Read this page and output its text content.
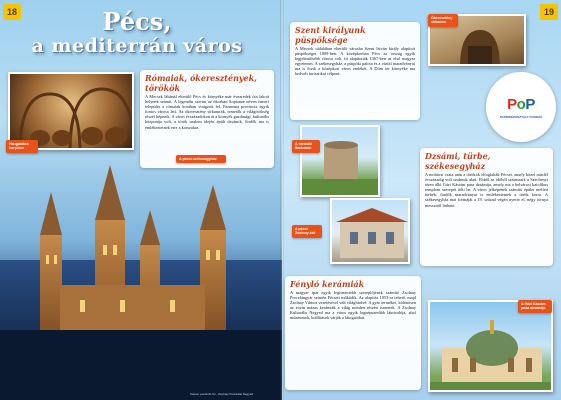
18	19
Pécs,
a mediterrán város
Rómaiak, ókeresztények, törökök

A Mecsek lábánál elterülő Pécs és környéke már évezredek óta lakott helynek számít. A legendás szerint az ókorban Sopianae néven ismert település a rómaiak korában virágzott fel, Pannonia provincia egyik fontos városa lett. Az ókeresztény sírkamrák, temetők a világörökség részét képezik. A város évszázadokon át a környék gazdasági, kulturális központja volt, a török uralom idején épült dzsámik, fürdők ma is emlékeztetnek erre a korszakra.

Hangulatos borpince
A pécsi székesegyház
Szent királyunk püspöksége

A Mecsek oldalában elterülő városba Szent István király alapított püspökséget 1009-ben. A középkorban Pécs az ország egyik legjelentősebb városa volt, itt alapították 1367-ben az első magyar egyetemet. A székesegyház, a püspöki palota és a várfal maradványai ma is őrzik a középkori város emlékét. A Dóm tér környéke ma kedvelt turisztikai célpont.

Ókeresztény sírkamra
PoP
PAPÍRKÉPOSZTÁLY FORRÁS
A városfal Barbakán
A pécsi Zsolnay-kút
Dzsámi, türbe, székesegyház

A mohácsi csata után a törökök elfoglalták Pécset, amely közel másfél évszázadig volt uralmuk alatt. Ebből az időből származik a Széchenyi téren álló Gázi Kászim pasa dzsámija, amely ma a belvárosi katolikus templom szerepét tölti be. A város jelképének számító épület mellett türbék, fürdők maradványai is emlékeztetnek a török korra. A székesegyház mai formáját a 19. század végén nyerte el, négy tornya messziről látható.

Fényló kerámiák

A magyar ipar egyik legismertebb szereplőjének számító Zsolnay Porcelángyár szintén Pécsett működik. Az alapítás 1853-ra tehető, majd Zsolnay Vilmos vezetésével vált világhírűvé. A gyár termékei, különösen az eozin mázas kerámiák a világ minden részén ismertek. A Zsolnay Kulturális Negyed ma a város egyik legnépszerűbb látnivalója, ahol múzeumok, kiállítások várják a látogatókat.

A Gázi Kászim pasa dzsámija
Képek: pecsinfo.hu · Zsolnay Kulturális Negyed
